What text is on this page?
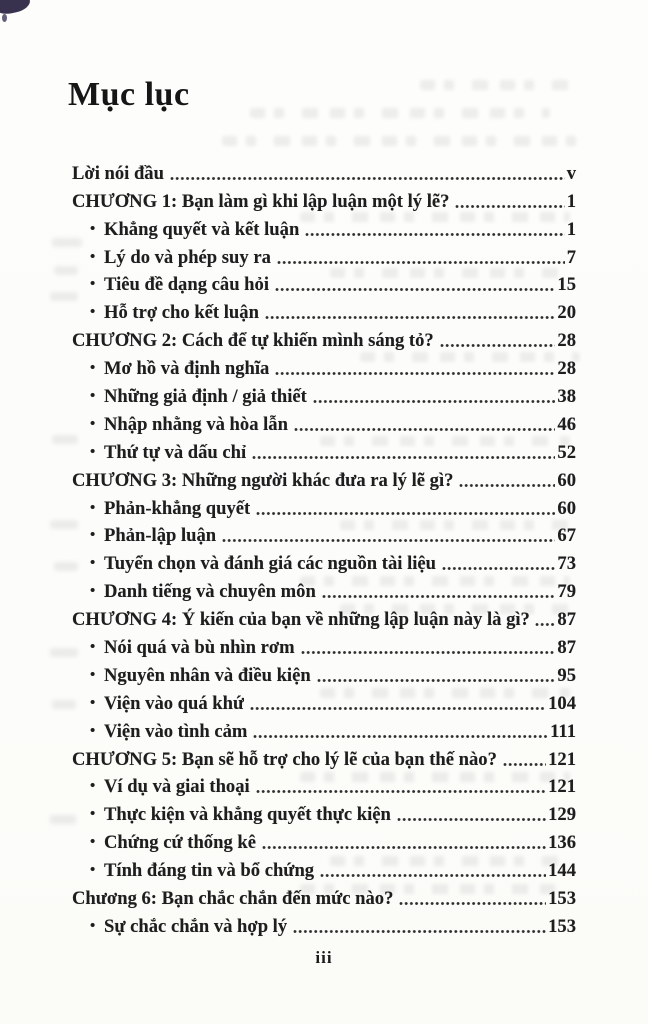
Mục lục
Lời nói đầu	v
CHƯƠNG 1: Bạn làm gì khi lập luận một lý lẽ?	1
• Khẳng quyết và kết luận	1
• Lý do và phép suy ra	7
• Tiêu đề dạng câu hỏi	15
• Hỗ trợ cho kết luận	20
CHƯƠNG 2: Cách để tự khiến mình sáng tỏ?	28
• Mơ hồ và định nghĩa	28
• Những giả định / giả thiết	38
• Nhập nhằng và hòa lẫn	46
• Thứ tự và dấu chỉ	52
CHƯƠNG 3: Những người khác đưa ra lý lẽ gì?	60
• Phản-khẳng quyết	60
• Phản-lập luận	67
• Tuyển chọn và đánh giá các nguồn tài liệu	73
• Danh tiếng và chuyên môn	79
CHƯƠNG 4: Ý kiến của bạn về những lập luận này là gì? 87
• Nói quá và bù nhìn rơm	87
• Nguyên nhân và điều kiện	95
• Viện vào quá khứ	104
• Viện vào tình cảm	111
CHƯƠNG 5: Bạn sẽ hỗ trợ cho lý lẽ của bạn thế nào?	121
• Ví dụ và giai thoại	121
• Thực kiện và khẳng quyết thực kiện	129
• Chứng cứ thống kê	136
• Tính đáng tin và bổ chứng	144
Chương 6: Bạn chắc chắn đến mức nào?	153
• Sự chắc chắn và hợp lý	153
iii
